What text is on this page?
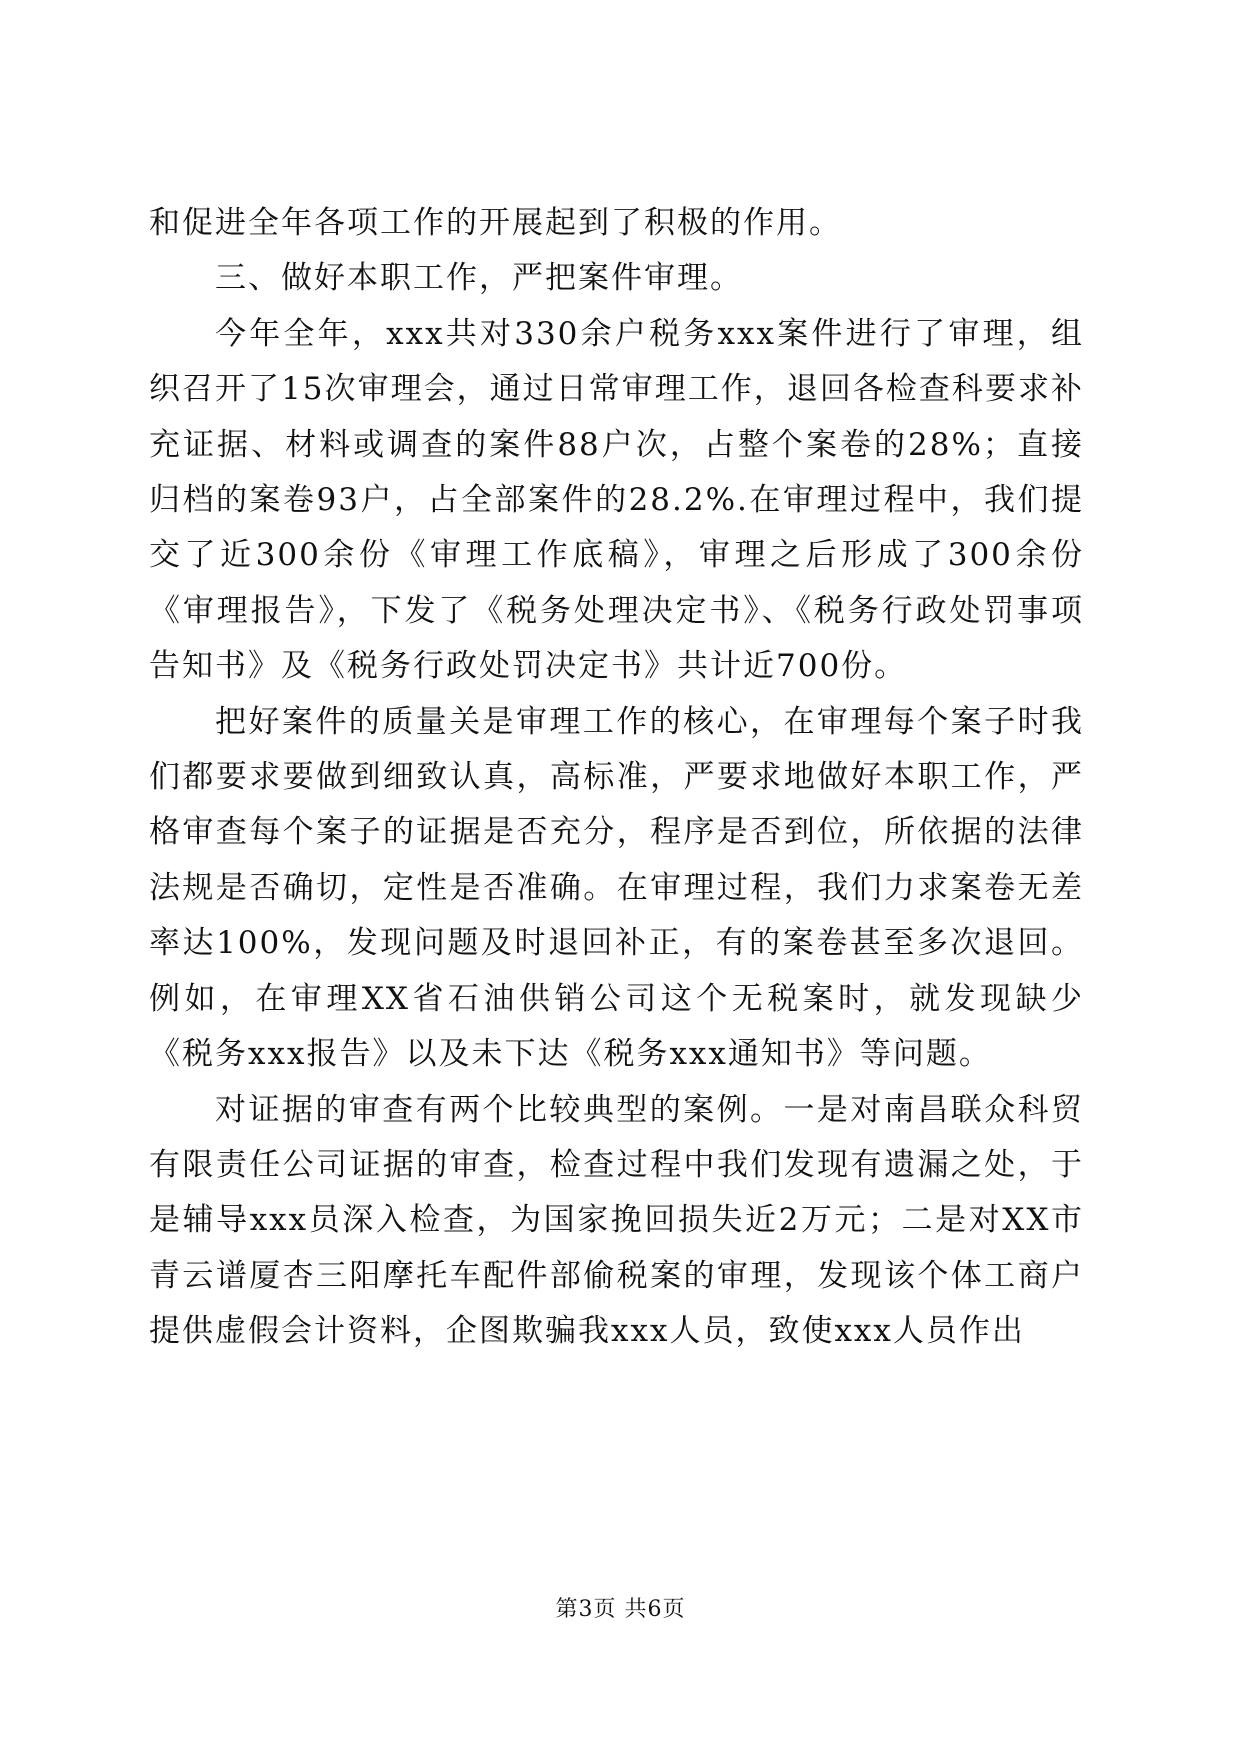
和促进全年各项工作的开展起到了积极的作用。

三、做好本职工作，严把案件审理。

今年全年，xxx共对330余户税务xxx案件进行了审理，组织召开了15次审理会，通过日常审理工作，退回各检查科要求补充证据、材料或调查的案件88户次，占整个案卷的28%；直接归档的案卷93户，占全部案件的28.2%.在审理过程中，我们提交了近300余份《审理工作底稿》，审理之后形成了300余份《审理报告》，下发了《税务处理决定书》、《税务行政处罚事项告知书》及《税务行政处罚决定书》共计近700份。

把好案件的质量关是审理工作的核心，在审理每个案子时我们都要求要做到细致认真，高标准，严要求地做好本职工作，严格审查每个案子的证据是否充分，程序是否到位，所依据的法律法规是否确切，定性是否准确。在审理过程，我们力求案卷无差率达100%，发现问题及时退回补正，有的案卷甚至多次退回。例如，在审理XX省石油供销公司这个无税案时，就发现缺少《税务xxx报告》以及未下达《税务xxx通知书》等问题。

对证据的审查有两个比较典型的案例。一是对南昌联众科贸有限责任公司证据的审查，检查过程中我们发现有遗漏之处，于是辅导xxx员深入检查，为国家挽回损失近2万元；二是对XX市青云谱厦杏三阳摩托车配件部偷税案的审理，发现该个体工商户提供虚假会计资料，企图欺骗我xxx人员，致使xxx人员作出

第3页 共6页
